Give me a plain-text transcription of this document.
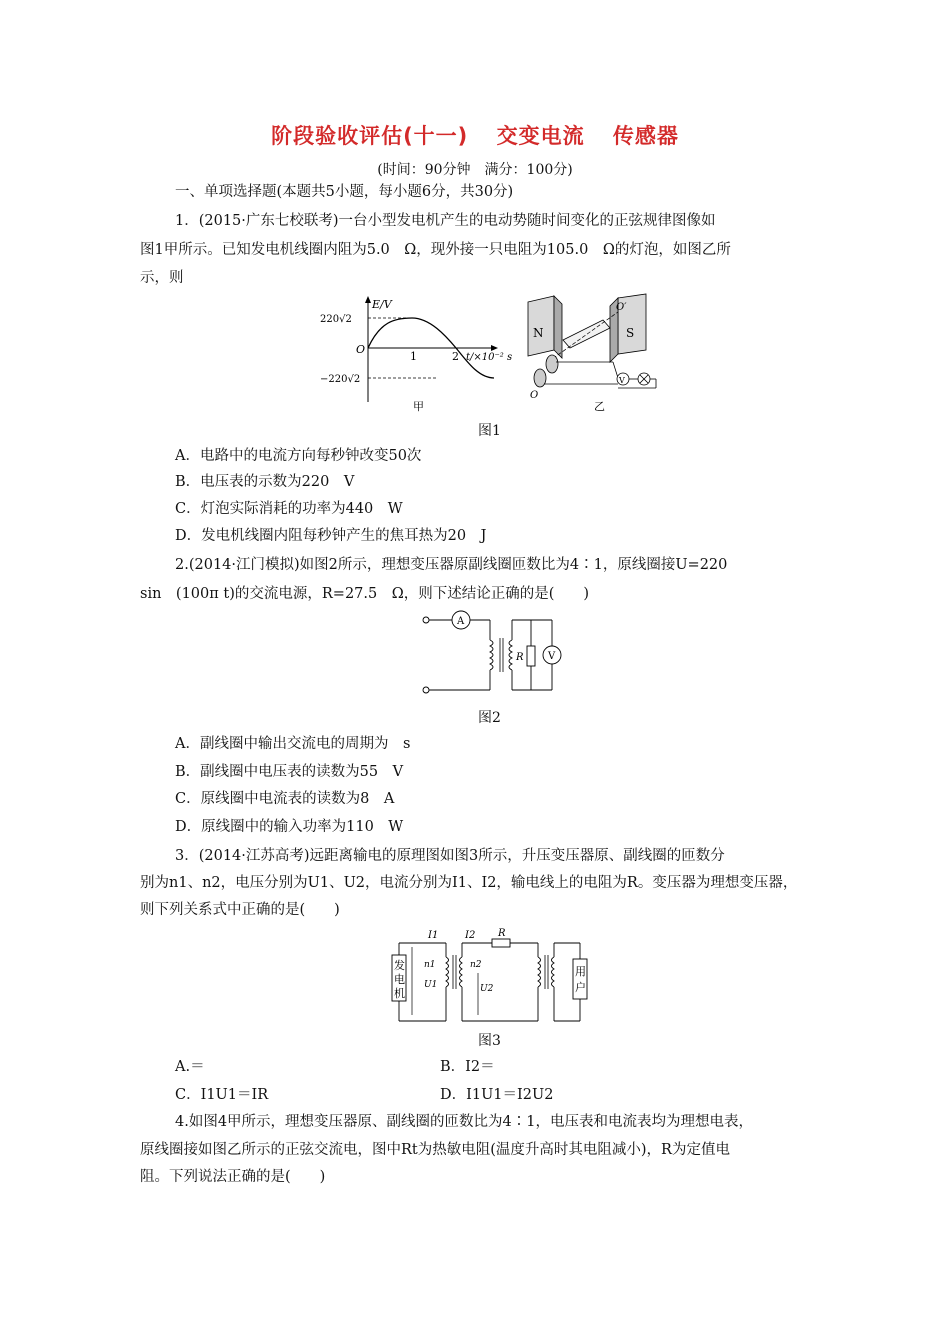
阶段验收评估(十一) 交变电流 传感器
(时间：90分钟　满分：100分)
一、单项选择题(本题共5小题，每小题6分，共30分)
1．(2015·广东七校联考)一台小型发电机产生的电动势随时间变化的正弦规律图像如
图1甲所示。已知发电机线圈内阻为5.0　Ω，现外接一只电阻为105.0　Ω的灯泡，如图乙所
示，则
E/V
220√2
−220√2
O
1	2 t/×10⁻² s
甲
N	S
O′
V
O
乙
图1
A．电路中的电流方向每秒钟改变50次
B．电压表的示数为220　V
C．灯泡实际消耗的功率为440　W
D．发电机线圈内阻每秒钟产生的焦耳热为20　J
2.(2014·江门模拟)如图2所示，理想变压器原副线圈匝数比为4∶1，原线圈接U=220
sin　(100π t)的交流电源，R=27.5　Ω，则下述结论正确的是(　　)
A
R V
图2
A．副线圈中输出交流电的周期为　s
B．副线圈中电压表的读数为55　V
C．原线圈中电流表的读数为8　A
D．原线圈中的输入功率为110　W
3．(2014·江苏高考)远距离输电的原理图如图3所示，升压变压器原、副线圈的匝数分
别为n1、n2，电压分别为U1、U2，电流分别为I1、I2，输电线上的电阻为R。变压器为理想变压器，
则下列关系式中正确的是(　　)
发
电
机
I1
n1
U1
I2 R
n2
U2
用
户
图3
A.＝	B．I2＝
C．I1U1＝IR	D．I1U1＝I2U2
4.如图4甲所示，理想变压器原、副线圈的匝数比为4∶1，电压表和电流表均为理想电表，
原线圈接如图乙所示的正弦交流电，图中Rt为热敏电阻(温度升高时其电阻减小)，R为定值电
阻。下列说法正确的是(　　)
